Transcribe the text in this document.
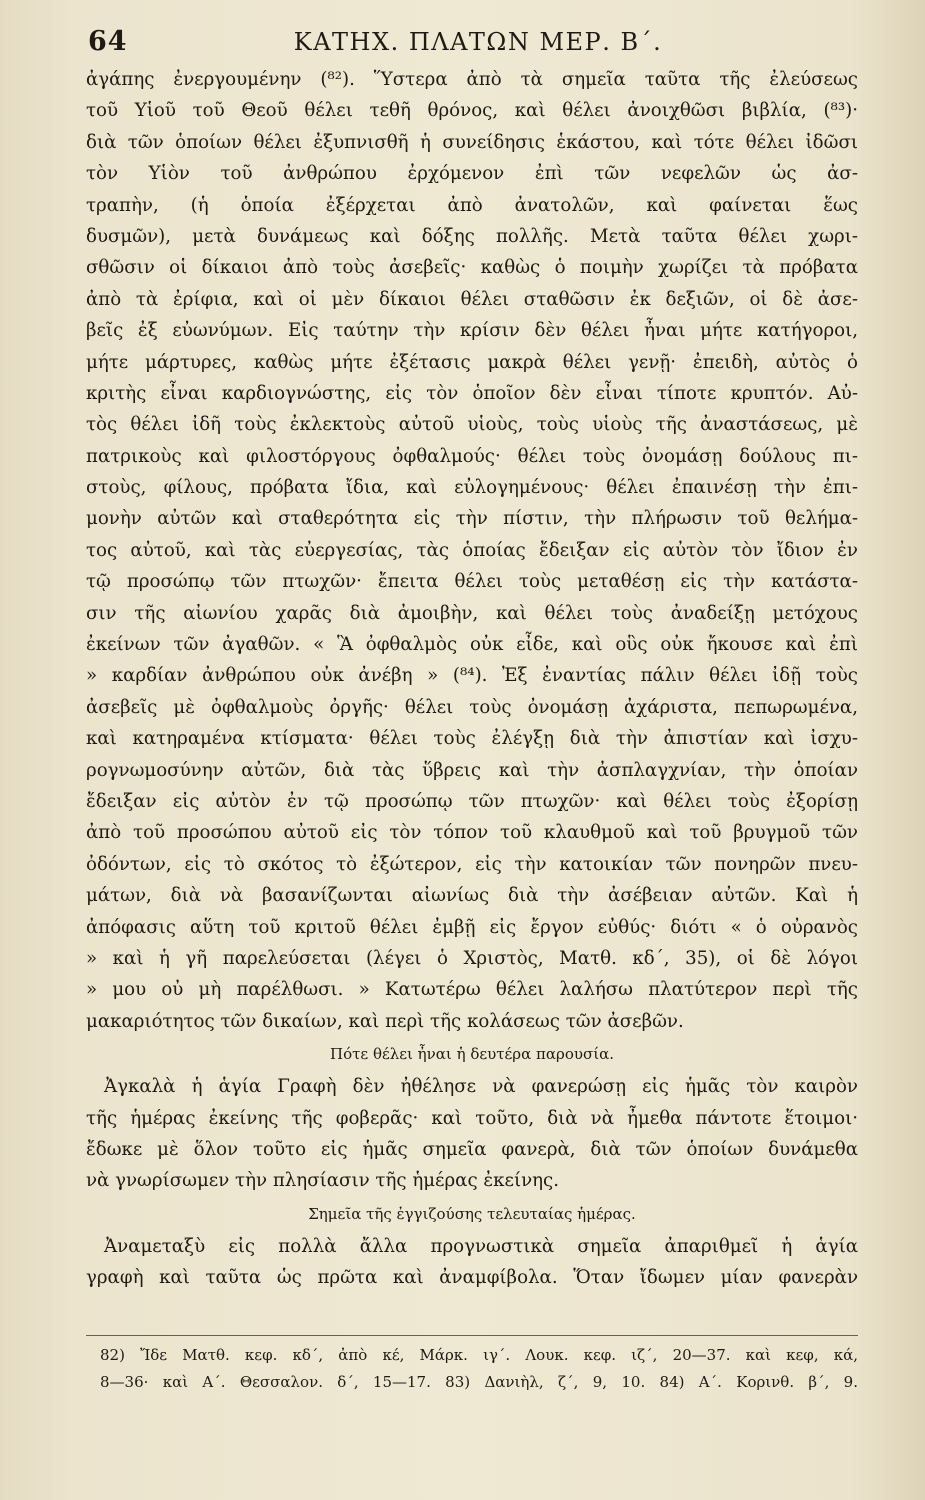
64	ΚΑΤΗΧ. ΠΛΑΤΩΝ ΜΕΡ. Β΄.
ἀγάπης ἐνεργουμένην (⁸²). Ὕστερα ἀπὸ τὰ σημεῖα ταῦτα τῆς ἐλεύσεως
τοῦ Υἱοῦ τοῦ Θεοῦ θέλει τεθῆ θρόνος, καὶ θέλει ἀνοιχθῶσι βιβλία, (⁸³)·
διὰ τῶν ὁποίων θέλει ἐξυπνισθῆ ἡ συνείδησις ἑκάστου, καὶ τότε θέλει ἰδῶσι
τὸν Υἱὸν τοῦ ἀνθρώπου ἐρχόμενον ἐπὶ τῶν νεφελῶν ὡς ἀσ-
τραπὴν, (ἡ ὁποία ἐξέρχεται ἀπὸ ἀνατολῶν, καὶ φαίνεται ἕως
δυσμῶν), μετὰ δυνάμεως καὶ δόξης πολλῆς. Μετὰ ταῦτα θέλει χωρι-
σθῶσιν οἱ δίκαιοι ἀπὸ τοὺς ἀσεβεῖς· καθὼς ὁ ποιμὴν χωρίζει τὰ πρόβατα
ἀπὸ τὰ ἐρίφια, καὶ οἱ μὲν δίκαιοι θέλει σταθῶσιν ἐκ δεξιῶν, οἱ δὲ ἀσε-
βεῖς ἐξ εὐωνύμων. Εἰς ταύτην τὴν κρίσιν δὲν θέλει ἦναι μήτε κατήγοροι,
μήτε μάρτυρες, καθὼς μήτε ἐξέτασις μακρὰ θέλει γενῇ· ἐπειδὴ, αὐτὸς ὁ
κριτὴς εἶναι καρδιογνώστης, εἰς τὸν ὁποῖον δὲν εἶναι τίποτε κρυπτόν. Αὐ-
τὸς θέλει ἰδῆ τοὺς ἐκλεκτοὺς αὐτοῦ υἱοὺς, τοὺς υἱοὺς τῆς ἀναστάσεως, μὲ
πατρικοὺς καὶ φιλοστόργους ὀφθαλμούς· θέλει τοὺς ὀνομάσῃ δούλους πι-
στοὺς, φίλους, πρόβατα ἴδια, καὶ εὐλογημένους· θέλει ἐπαινέσῃ τὴν ἐπι-
μονὴν αὐτῶν καὶ σταθερότητα εἰς τὴν πίστιν, τὴν πλήρωσιν τοῦ θελήμα-
τος αὐτοῦ, καὶ τὰς εὐεργεσίας, τὰς ὁποίας ἔδειξαν εἰς αὐτὸν τὸν ἴδιον ἐν
τῷ προσώπῳ τῶν πτωχῶν· ἔπειτα θέλει τοὺς μεταθέσῃ εἰς τὴν κατάστα-
σιν τῆς αἰωνίου χαρᾶς διὰ ἀμοιβὴν, καὶ θέλει τοὺς ἀναδείξῃ μετόχους
ἐκείνων τῶν ἀγαθῶν. « Ἃ ὀφθαλμὸς οὐκ εἶδε, καὶ οὓς οὐκ ἤκουσε καὶ ἐπὶ
» καρδίαν ἀνθρώπου οὐκ ἀνέβη » (⁸⁴). Ἐξ ἐναντίας πάλιν θέλει ἰδῇ τοὺς
ἀσεβεῖς μὲ ὀφθαλμοὺς ὀργῆς· θέλει τοὺς ὀνομάσῃ ἀχάριστα, πεπωρωμένα,
καὶ κατηραμένα κτίσματα· θέλει τοὺς ἐλέγξῃ διὰ τὴν ἀπιστίαν καὶ ἰσχυ-
ρογνωμοσύνην αὐτῶν, διὰ τὰς ὕβρεις καὶ τὴν ἀσπλαγχνίαν, τὴν ὁποίαν
ἔδειξαν εἰς αὐτὸν ἐν τῷ προσώπῳ τῶν πτωχῶν· καὶ θέλει τοὺς ἐξορίσῃ
ἀπὸ τοῦ προσώπου αὐτοῦ εἰς τὸν τόπον τοῦ κλαυθμοῦ καὶ τοῦ βρυγμοῦ τῶν
ὀδόντων, εἰς τὸ σκότος τὸ ἐξώτερον, εἰς τὴν κατοικίαν τῶν πονηρῶν πνευ-
μάτων, διὰ νὰ βασανίζωνται αἰωνίως διὰ τὴν ἀσέβειαν αὐτῶν. Καὶ ἡ
ἀπόφασις αὕτη τοῦ κριτοῦ θέλει ἐμβῇ εἰς ἔργον εὐθύς· διότι « ὁ οὐρανὸς
» καὶ ἡ γῆ παρελεύσεται (λέγει ὁ Χριστὸς, Ματθ. κδ΄, 35), οἱ δὲ λόγοι
» μου οὐ μὴ παρέλθωσι. » Κατωτέρω θέλει λαλήσω πλατύτερον περὶ τῆς
μακαριότητος τῶν δικαίων, καὶ περὶ τῆς κολάσεως τῶν ἀσεβῶν.
Πότε θέλει ἦναι ἡ δευτέρα παρουσία.
Ἀγκαλὰ ἡ ἁγία Γραφὴ δὲν ἠθέλησε νὰ φανερώσῃ εἰς ἡμᾶς τὸν καιρὸν
τῆς ἡμέρας ἐκείνης τῆς φοβερᾶς· καὶ τοῦτο, διὰ νὰ ἦμεθα πάντοτε ἕτοιμοι·
ἔδωκε μὲ ὅλον τοῦτο εἰς ἡμᾶς σημεῖα φανερὰ, διὰ τῶν ὁποίων δυνάμεθα
νὰ γνωρίσωμεν τὴν πλησίασιν τῆς ἡμέρας ἐκείνης.
Σημεῖα τῆς ἐγγιζούσης τελευταίας ἡμέρας.
Ἀναμεταξὺ εἰς πολλὰ ἄλλα προγνωστικὰ σημεῖα ἀπαριθμεῖ ἡ ἁγία
γραφὴ καὶ ταῦτα ὡς πρῶτα καὶ ἀναμφίβολα. Ὅταν ἴδωμεν μίαν φανερὰν
82) Ἴδε Ματθ. κεφ. κδ΄, ἀπὸ κέ, Μάρκ. ιγ΄. Λουκ. κεφ. ιζ΄, 20—37. καὶ κεφ, κά,
8—36· καὶ Α΄. Θεσσαλον. δ΄, 15—17. 83) Δανιὴλ, ζ΄, 9, 10. 84) Α΄. Κορινθ. β΄, 9.
